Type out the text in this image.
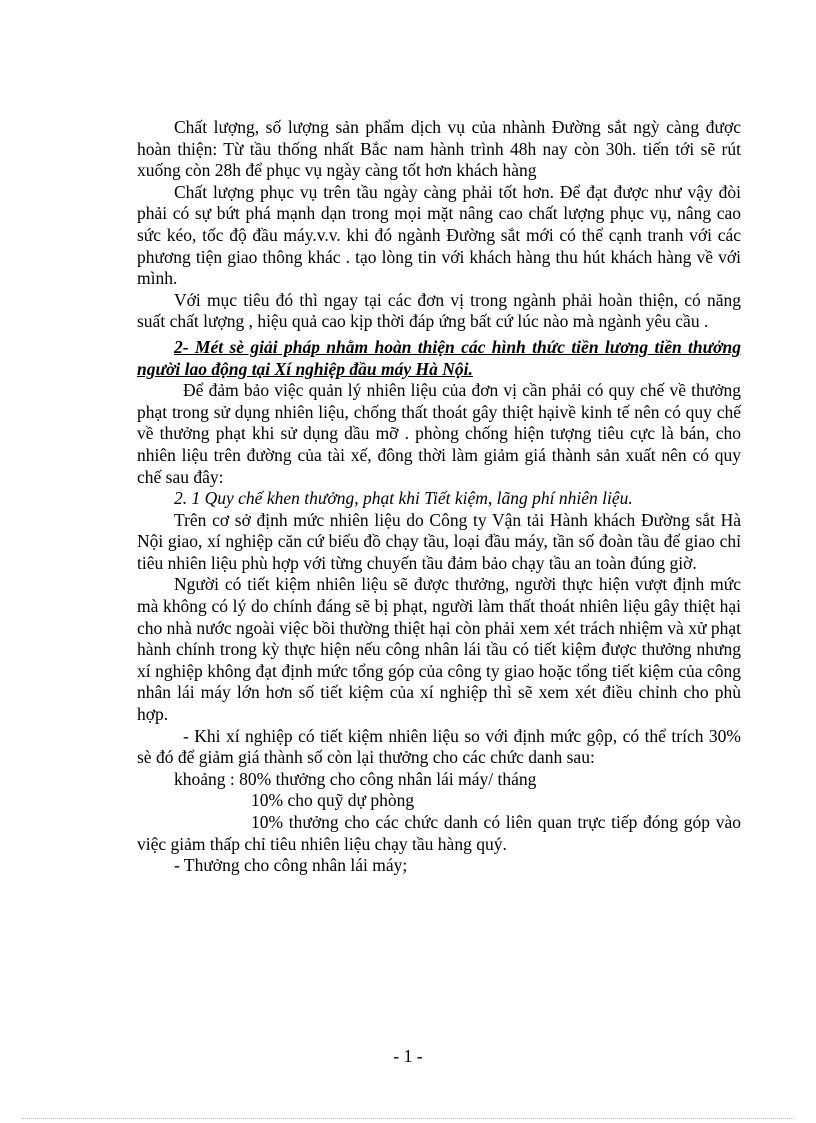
Chất lượng, số lượng sản phẩm dịch vụ của nhành Đường sắt ngỳ càng được hoàn thiện: Từ tầu thống nhất Bắc nam hành trình 48h nay còn 30h. tiến tới sẽ rút xuống còn 28h để phục vụ ngày càng tốt hơn khách hàng

Chất lượng phục vụ trên tầu ngày càng phải tốt hơn. Để đạt được như vậy đòi phải có sự bứt phá mạnh dạn trong mọi mặt nâng cao chất lượng phục vụ, nâng cao sức kéo, tốc độ đầu máy.v.v. khi đó ngành Đường sắt mới có thể cạnh tranh với các phương tiện giao thông khác . tạo lòng tin với khách hàng thu hút khách hàng về với mình.

Với mục tiêu đó thì ngay tại các đơn vị trong ngành phải hoàn thiện, có năng suất chất lượng , hiệu quả cao kịp thời đáp ứng bất cứ lúc nào mà ngành yêu cầu .

2- Mét sè giải pháp nhằm hoàn thiện các hình thức tiền lương tiền thưởng người lao động tại Xí nghiệp đầu máy Hà Nội.

Để đảm bảo việc quản lý nhiên liệu của đơn vị cần phải có quy chế về thưởng phạt trong sử dụng nhiên liệu, chống thất thoát gây thiệt hạivề kinh tế nên có quy chế về thưởng phạt khi sử dụng dầu mỡ . phòng chống hiện tượng tiêu cực là bán, cho nhiên liệu trên đường của tài xế, đông thời làm giảm giá thành sản xuất nên có quy chế sau đây:

2. 1 Quy chế khen thưởng, phạt khi Tiết kiệm, lãng phí nhiên liệu.

Trên cơ sở định mức nhiên liệu do Công ty Vận tải Hành khách Đường sắt Hà Nội giao, xí nghiệp căn cứ biểu đồ chạy tầu, loại đầu máy, tần số đoàn tầu để giao chỉ tiêu nhiên liệu phù hợp với từng chuyến tầu đảm bảo chạy tầu an toàn đúng giờ.

Người có tiết kiệm nhiên liệu sẽ được thưởng, người thực hiện vượt định mức mà không có lý do chính đáng sẽ bị phạt, người làm thất thoát nhiên liệu gây thiệt hại cho nhà nước ngoài việc bồi thường thiệt hại còn phải xem xét trách nhiệm và xử phạt hành chính trong kỳ thực hiện nếu công nhân lái tầu có tiết kiệm được thưởng nhưng xí nghiệp không đạt định mức tổng góp của công ty giao hoặc tổng tiết kiệm của công nhân lái máy lớn hơn số tiết kiệm của xí nghiệp thì sẽ xem xét điều chỉnh cho phù hợp.

- Khi xí nghiệp có tiết kiệm nhiên liệu so với định mức gộp, có thể trích 30% sè đó để giảm giá thành số còn lại thưởng cho các chức danh sau:

khoảng : 80% thưởng cho công nhân lái máy/ tháng

10% cho quỹ dự phòng

10% thưởng cho các chức danh có liên quan trực tiếp đóng góp vào việc giảm thấp chỉ tiêu nhiên liệu chạy tầu hàng quý.

- Thưởng cho công nhân lái máy;

- 1 -
